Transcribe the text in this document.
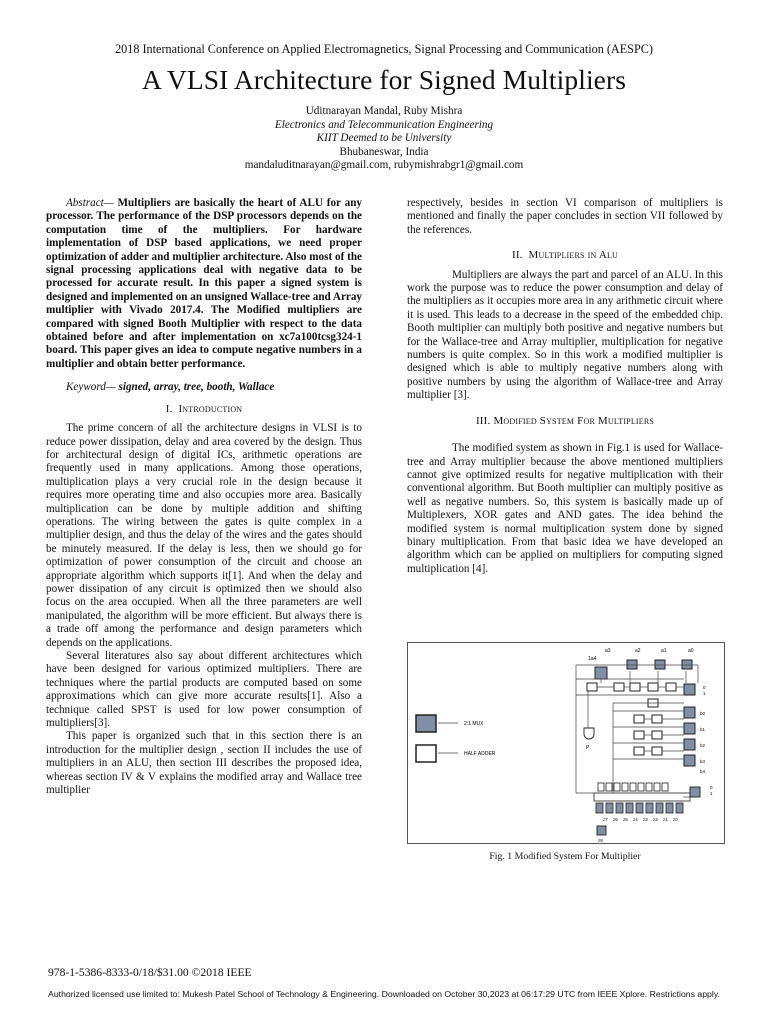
2018 International Conference on Applied Electromagnetics, Signal Processing and Communication (AESPC)
A VLSI Architecture for Signed Multipliers
Uditnarayan Mandal, Ruby Mishra
Electronics and Telecommunication Engineering
KIIT Deemed to be University
Bhubaneswar, India
mandaluditnarayan@gmail.com, rubymishrabgr1@gmail.com

Abstract— Multipliers are basically the heart of ALU for any processor. The performance of the DSP processors depends on the computation time of the multipliers. For hardware implementation of DSP based applications, we need proper optimization of adder and multiplier architecture. Also most of the signal processing applications deal with negative data to be processed for accurate result. In this paper a signed system is designed and implemented on an unsigned Wallace-tree and Array multiplier with Vivado 2017.4. The Modified multipliers are compared with signed Booth Multiplier with respect to the data obtained before and after implementation on xc7a100tcsg324-1 board. This paper gives an idea to compute negative numbers in a multiplier and obtain better performance.

Keyword— signed, array, tree, booth, Wallace

I. Introduction

The prime concern of all the architecture designs in VLSI is to reduce power dissipation, delay and area covered by the design. Thus for architectural design of digital ICs, arithmetic operations are frequently used in many applications. Among those operations, multiplication plays a very crucial role in the design because it requires more operating time and also occupies more area. Basically multiplication can be done by multiple addition and shifting operations. The wiring between the gates is quite complex in a multiplier design, and thus the delay of the wires and the gates should be minutely measured. If the delay is less, then we should go for optimization of power consumption of the circuit and choose an appropriate algorithm which supports it[1]. And when the delay and power dissipation of any circuit is optimized then we should also focus on the area occupied. When all the three parameters are well manipulated, the algorithm will be more efficient. But always there is a trade off among the performance and design parameters which depends on the applications.

Several literatures also say about different architectures which have been designed for various optimized multipliers. There are techniques where the partial products are computed based on some approximations which can give more accurate results[1]. Also a technique called SPST is used for low power consumption of multipliers[3].

This paper is organized such that in this section there is an introduction for the multiplier design , section II includes the use of multipliers in an ALU, then section III describes the proposed idea, whereas section IV & V explains the modified array and Wallace tree multiplier

respectively, besides in section VI comparison of multipliers is mentioned and finally the paper concludes in section VII followed by the references.

II. Multipliers in Alu

Multipliers are always the part and parcel of an ALU. In this work the purpose was to reduce the power consumption and delay of the multipliers as it occupies more area in any arithmetic circuit where it is used. This leads to a decrease in the speed of the embedded chip. Booth multiplier can multiply both positive and negative numbers but for the Wallace-tree and Array multiplier, multiplication for negative numbers is quite complex. So in this work a modified multiplier is designed which is able to multiply negative numbers along with positive numbers by using the algorithm of Wallace-tree and Array multiplier [3].

III. Modified System For Multipliers

The modified system as shown in Fig.1 is used for Wallace-tree and Array multiplier because the above mentioned multipliers cannot give optimized results for negative multiplication with their conventional algorithm. But Booth multiplier can multiply positive as well as negative numbers. So, this system is basically made up of Multiplexers, XOR gates and AND gates. The idea behind the modified system is normal multiplication system done by signed binary multiplication. From that basic idea we have developed an algorithm which can be applied on multipliers for computing signed multiplication [4].

2:1 MUX
HALF ADDER
a3	a2	a1	a0
1a4
P
0
1
b0
b1
b2
b3
b4
0
1
z7 z6 z5 z4 z3 z2 z1 z0
z8
Fig. 1 Modified System For Multiplier
978-1-5386-8333-0/18/$31.00 ©2018 IEEE
Authorized licensed use limited to: Mukesh Patel School of Technology & Engineering. Downloaded on October 30,2023 at 06:17:29 UTC from IEEE Xplore. Restrictions apply.
